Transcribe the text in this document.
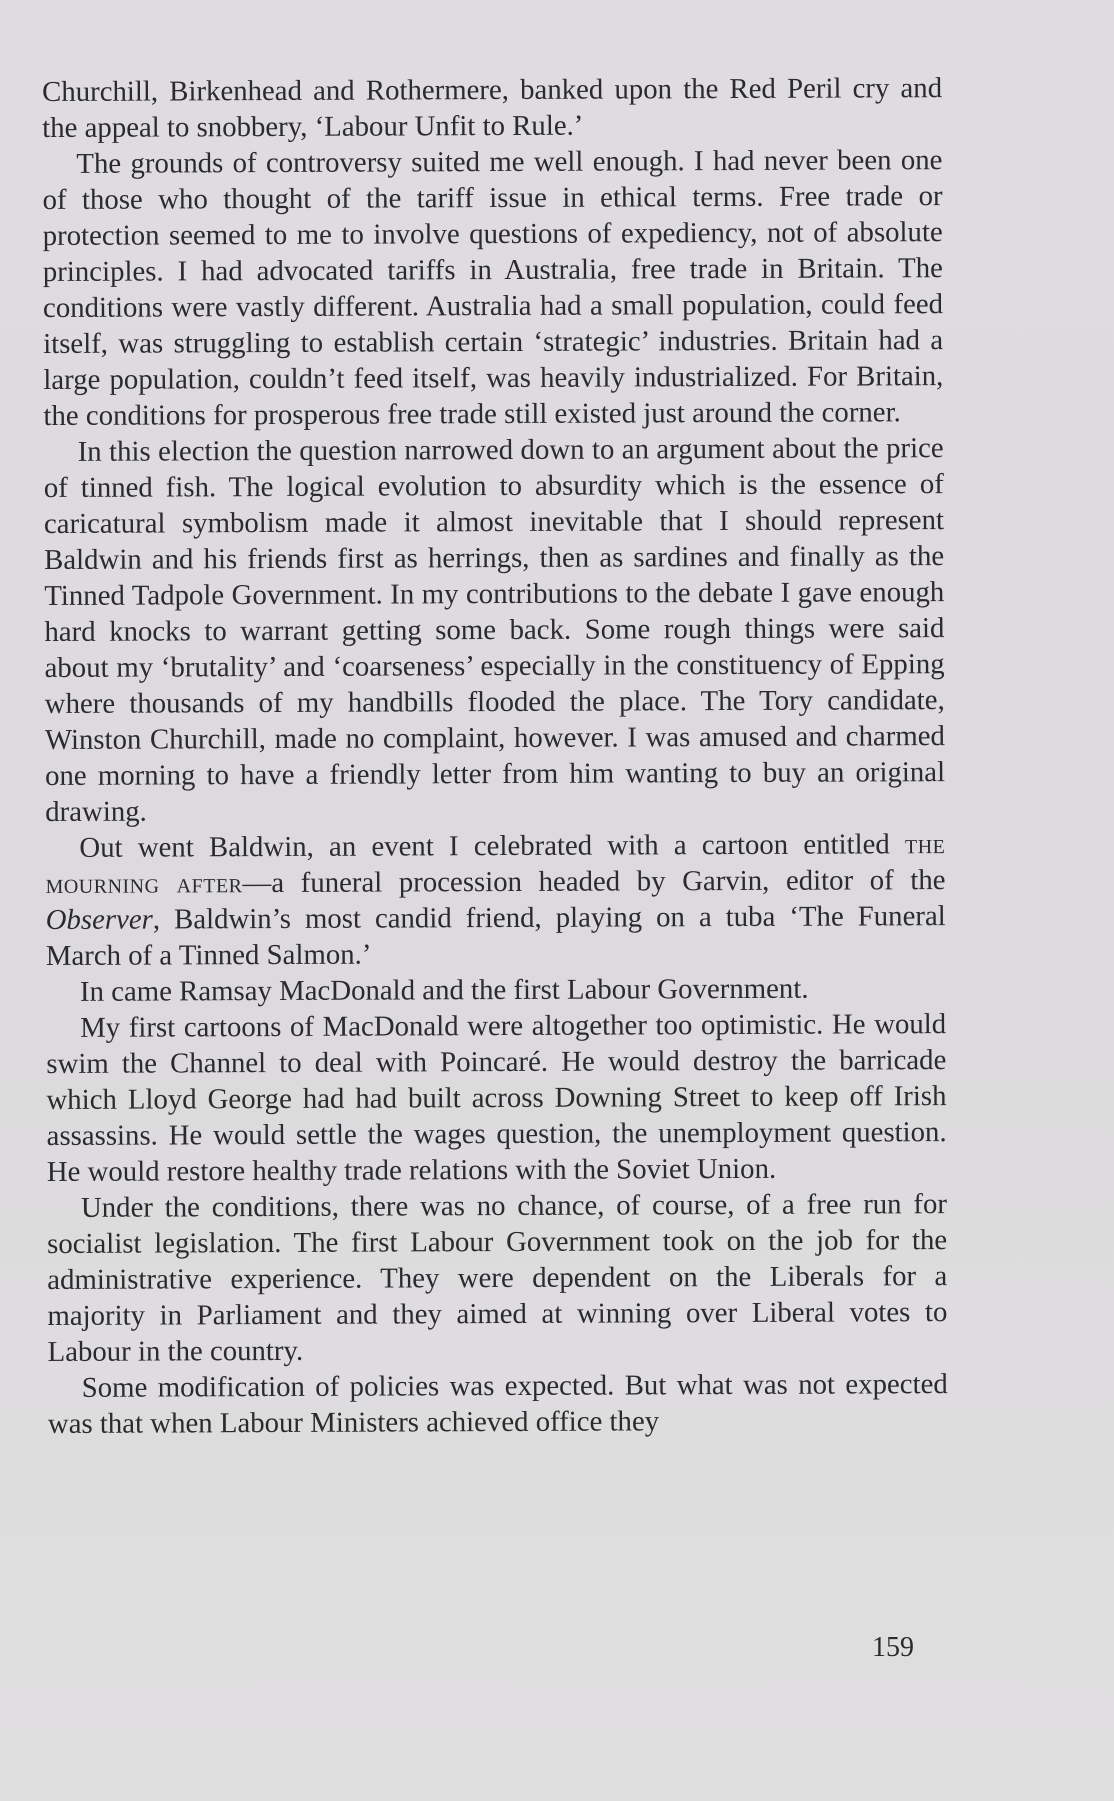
Churchill, Birkenhead and Rothermere, banked upon the Red Peril cry and the appeal to snobbery, ‘Labour Unfit to Rule.’

The grounds of controversy suited me well enough. I had never been one of those who thought of the tariff issue in ethical terms. Free trade or protection seemed to me to involve questions of expediency, not of absolute principles. I had advocated tariffs in Australia, free trade in Britain. The conditions were vastly different. Australia had a small population, could feed itself, was struggling to establish certain ‘strategic’ industries. Britain had a large population, couldn’t feed itself, was heavily industrialized. For Britain, the conditions for prosperous free trade still existed just around the corner.

In this election the question narrowed down to an argument about the price of tinned fish. The logical evolution to absurdity which is the essence of caricatural symbolism made it almost inevitable that I should represent Baldwin and his friends first as herrings, then as sardines and finally as the Tinned Tadpole Government. In my contributions to the debate I gave enough hard knocks to warrant getting some back. Some rough things were said about my ‘brutality’ and ‘coarseness’ especially in the constituency of Epping where thousands of my handbills flooded the place. The Tory candidate, Winston Churchill, made no complaint, however. I was amused and charmed one morning to have a friendly letter from him wanting to buy an original drawing.

Out went Baldwin, an event I celebrated with a cartoon entitled the mourning after—a funeral procession headed by Garvin, editor of the Observer, Baldwin’s most candid friend, playing on a tuba ‘The Funeral March of a Tinned Salmon.’

In came Ramsay MacDonald and the first Labour Government.

My first cartoons of MacDonald were altogether too optimistic. He would swim the Channel to deal with Poincaré. He would destroy the barricade which Lloyd George had had built across Downing Street to keep off Irish assassins. He would settle the wages question, the unemployment question. He would restore healthy trade relations with the Soviet Union.

Under the conditions, there was no chance, of course, of a free run for socialist legislation. The first Labour Government took on the job for the administrative experience. They were dependent on the Liberals for a majority in Parliament and they aimed at winning over Liberal votes to Labour in the country.

Some modification of policies was expected. But what was not expected was that when Labour Ministers achieved office they

159
